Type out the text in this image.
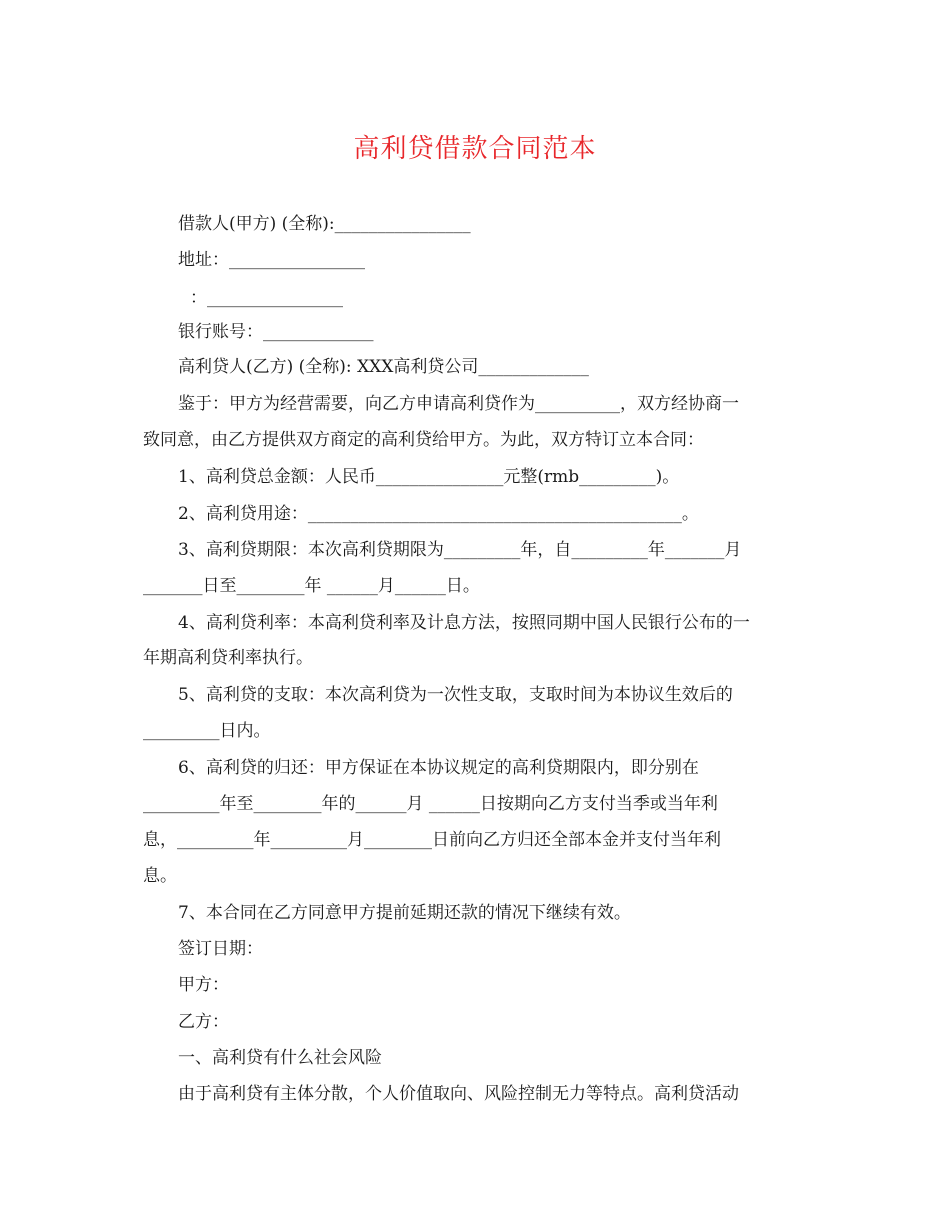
高利贷借款合同范本

借款人(甲方) (全称):________________

地址：________________

：________________

银行账号：_____________

高利贷人(乙方) (全称): XXX高利贷公司_____________

鉴于：甲方为经营需要，向乙方申请高利贷作为__________，双方经协商一

致同意，由乙方提供双方商定的高利贷给甲方。为此，双方特订立本合同：

1、高利贷总金额：人民币_______________元整(rmb_________)。

2、高利贷用途：____________________________________________。

3、高利贷期限：本次高利贷期限为_________年，自_________年_______月

_______日至________年 ______月______日。

4、高利贷利率：本高利贷利率及计息方法，按照同期中国人民银行公布的一

年期高利贷利率执行。

5、高利贷的支取：本次高利贷为一次性支取，支取时间为本协议生效后的

_________日内。

6、高利贷的归还：甲方保证在本协议规定的高利贷期限内，即分别在

_________年至________年的______月 ______日按期向乙方支付当季或当年利

息，_________年_________月________日前向乙方归还全部本金并支付当年利

息。

7、本合同在乙方同意甲方提前延期还款的情况下继续有效。

签订日期：

甲方：

乙方：

一、高利贷有什么社会风险

由于高利贷有主体分散，个人价值取向、风险控制无力等特点。高利贷活动
